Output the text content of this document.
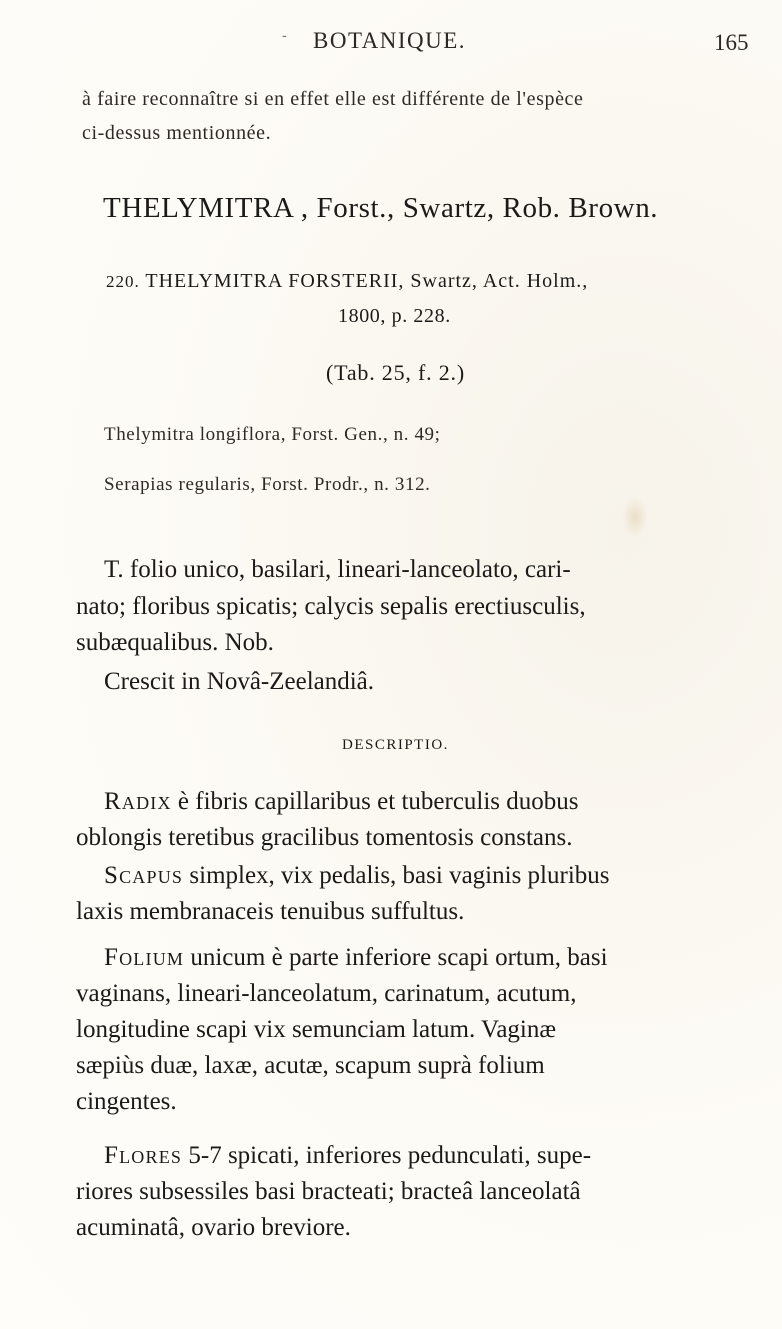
- BOTANIQUE.	165
à faire reconnaître si en effet elle est différente de l'espèce
ci-dessus mentionnée.
THELYMITRA , Forst., Swartz, Rob. Brown.
220. THELYMITRA FORSTERII, Swartz, Act. Holm.,
1800, p. 228.
(Tab. 25, f. 2.)
Thelymitra longiflora, Forst. Gen., n. 49;
Serapias regularis, Forst. Prodr., n. 312.
T. folio unico, basilari, lineari-lanceolato, cari-
nato; floribus spicatis; calycis sepalis erectiusculis,
subæqualibus. Nob.
Crescit in Novâ-Zeelandiâ.
DESCRIPTIO.
Radix è fibris capillaribus et tuberculis duobus
oblongis teretibus gracilibus tomentosis constans.
Scapus simplex, vix pedalis, basi vaginis pluribus
laxis membranaceis tenuibus suffultus.
Folium unicum è parte inferiore scapi ortum, basi
vaginans, lineari-lanceolatum, carinatum, acutum,
longitudine scapi vix semunciam latum. Vaginæ
sæpiùs duæ, laxæ, acutæ, scapum suprà folium
cingentes.
Flores 5-7 spicati, inferiores pedunculati, supe-
riores subsessiles basi bracteati; bracteâ lanceolatâ
acuminatâ, ovario breviore.
